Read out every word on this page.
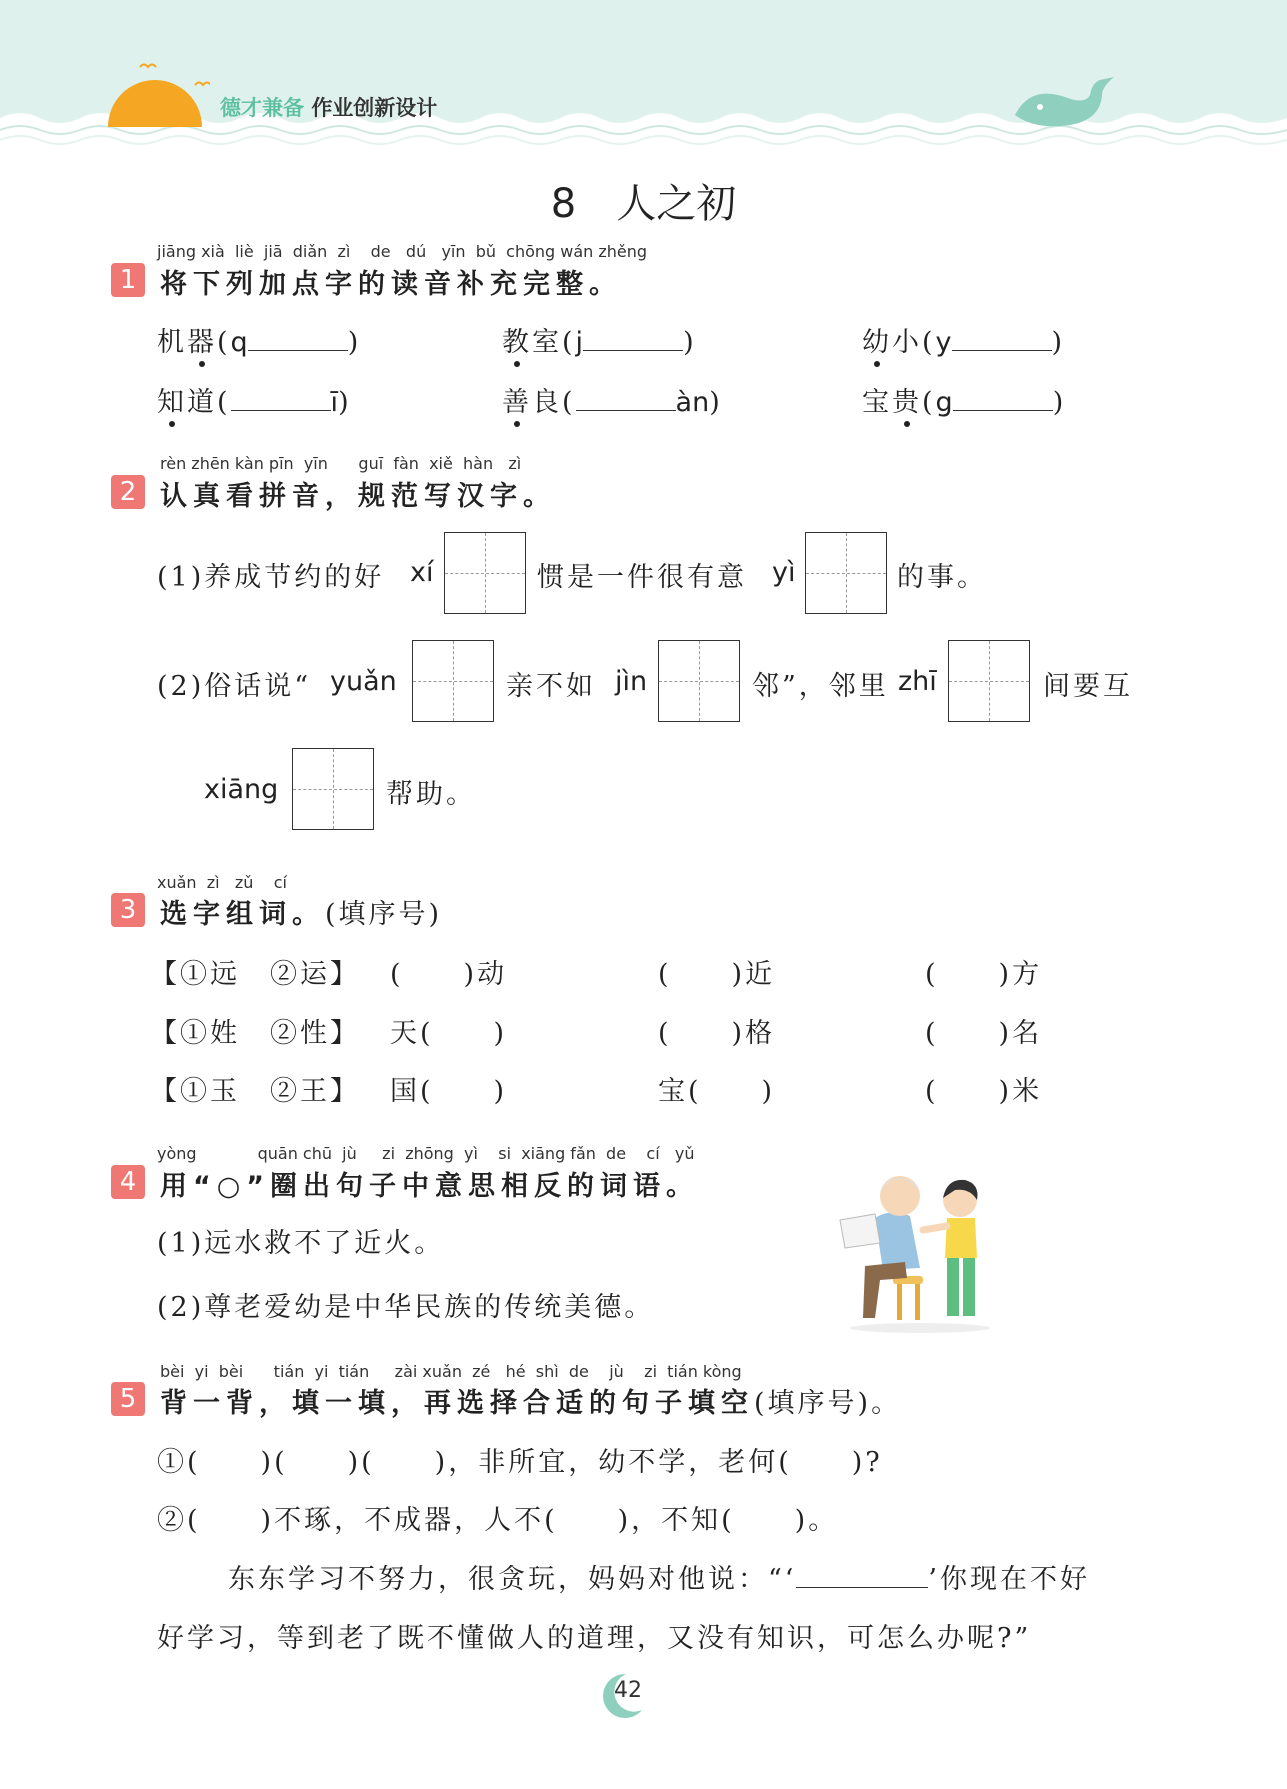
德才兼备 作业创新设计
8　人之初
jiāng xià  liè  jiā  diǎn  zì    de   dú   yīn  bǔ  chōng wán zhěng
1 将下列加点字的读音补充完整。
机器(q	)	教室(j	)	幼小(y	)
知道(	ī)	善良(	àn)	宝贵(g	)
rèn zhēn kàn pīn  yīn      guī  fàn  xiě  hàn   zì
2 认真看拼音，规范写汉字。
(1)养成节约的好 xí	惯是一件很有意 yì	的事。
(2)俗话说“ yuǎn	亲不如 jìn	邻”，邻里 zhī	间要互
xiāng	帮助。
xuǎn  zì   zǔ    cí
3 选字组词。(填序号)
【①远　②运】 (　　)动	(　　)近	(　　)方
【①姓　②性】 天(　　)	(　　)格	(　　)名
【①玉　②王】 国(　　)	宝(　　)	(　　)米
yòng            quān chū  jù     zi  zhōng  yì    si  xiāng fǎn  de    cí   yǔ
4 用“○”圈出句子中意思相反的词语。
(1)远水救不了近火。
(2)尊老爱幼是中华民族的传统美德。
bèi  yi  bèi      tián  yi  tián     zài xuǎn  zé   hé  shì  de    jù    zi  tián kòng
5 背一背，填一填，再选择合适的句子填空(填序号)。
①(　　)(　　)(　　)，非所宜，幼不学，老何(　　)?
②(　　)不琢，不成器，人不(　　)，不知(　　)。
东东学习不努力，很贪玩，妈妈对他说：“‘	’你现在不好
好学习，等到老了既不懂做人的道理，又没有知识，可怎么办呢?”
42
